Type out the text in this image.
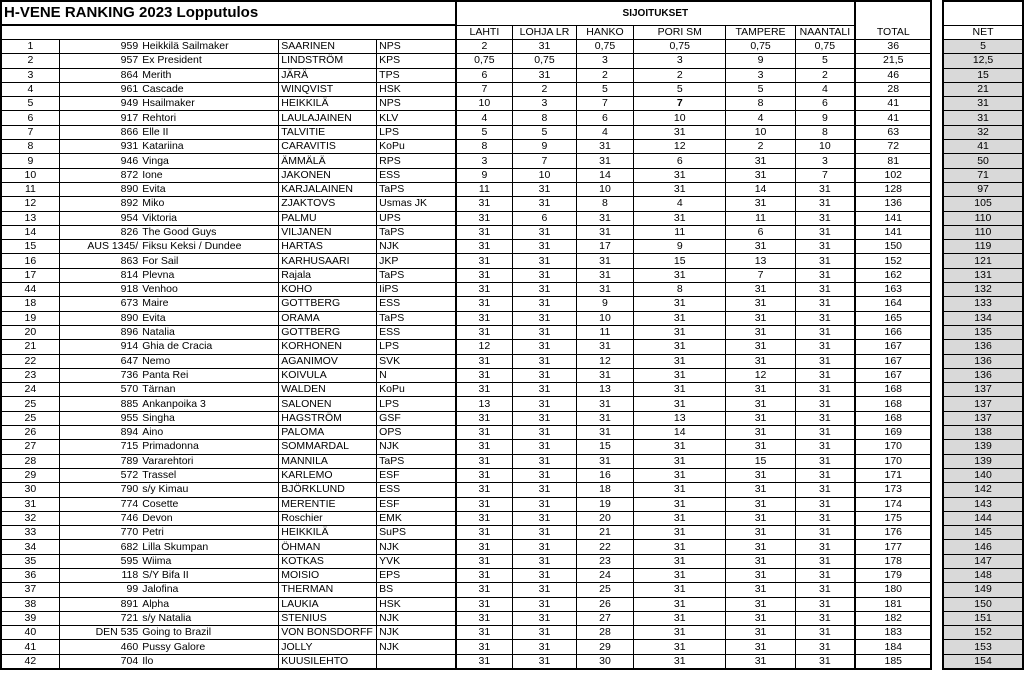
H-VENE RANKING 2023 Lopputulos					SIJOITUKSET								
					LAHTI	LOHJA LR	HANKO	PORI SM	TAMPERE	NAANTALI	TOTAL		NET
1	959	Heikkilä Sailmaker	SAARINEN	NPS	2	31	0,75	0,75	0,75	0,75	36		5
2	957	Ex President	LINDSTRÖM	KPS	0,75	0,75	3	3	9	5	21,5		12,5
3	864	Merith	JÄRÄ	TPS	6	31	2	2	3	2	46		15
4	961	Cascade	WINQVIST	HSK	7	2	5	5	5	4	28		21
5	949	Hsailmaker	HEIKKILÄ	NPS	10	3	7	7	8	6	41		31
6	917	Rehtori	LAULAJAINEN	KLV	4	8	6	10	4	9	41		31
7	866	Elle II	TALVITIE	LPS	5	5	4	31	10	8	63		32
8	931	Katariina	CARAVITIS	KoPu	8	9	31	12	2	10	72		41
9	946	Vinga	ÄMMÄLÄ	RPS	3	7	31	6	31	3	81		50
10	872	Ione	JAKONEN	ESS	9	10	14	31	31	7	102		71
11	890	Evita	KARJALAINEN	TaPS	11	31	10	31	14	31	128		97
12	892	Miko	ZJAKTOVS	Usmas JK	31	31	8	4	31	31	136		105
13	954	Viktoria	PALMU	UPS	31	6	31	31	11	31	141		110
14	826	The Good Guys	VILJANEN	TaPS	31	31	31	11	6	31	141		110
15	AUS 1345/	Fiksu Keksi / Dundee	HARTAS	NJK	31	31	17	9	31	31	150		119
16	863	For Sail	KARHUSAARI	JKP	31	31	31	15	13	31	152		121
17	814	Plevna	Rajala	TaPS	31	31	31	31	7	31	162		131
44	918	Venhoo	KOHO	IiPS	31	31	31	8	31	31	163		132
18	673	Maire	GOTTBERG	ESS	31	31	9	31	31	31	164		133
19	890	Evita	ORAMA	TaPS	31	31	10	31	31	31	165		134
20	896	Natalia	GOTTBERG	ESS	31	31	11	31	31	31	166		135
21	914	Ghia de Cracia	KORHONEN	LPS	12	31	31	31	31	31	167		136
22	647	Nemo	AGANIMOV	SVK	31	31	12	31	31	31	167		136
23	736	Panta Rei	KOIVULA	N	31	31	31	31	12	31	167		136
24	570	Tärnan	WALDEN	KoPu	31	31	13	31	31	31	168		137
25	885	Ankanpoika 3	SALONEN	LPS	13	31	31	31	31	31	168		137
25	955	Singha	HAGSTRÖM	GSF	31	31	31	13	31	31	168		137
26	894	Aino	PALOMA	OPS	31	31	31	14	31	31	169		138
27	715	Primadonna	SOMMARDAL	NJK	31	31	15	31	31	31	170		139
28	789	Vararehtori	MANNILA	TaPS	31	31	31	31	15	31	170		139
29	572	Trassel	KARLEMO	ESF	31	31	16	31	31	31	171		140
30	790	s/y Kimau	BJÖRKLUND	ESS	31	31	18	31	31	31	173		142
31	774	Cosette	MERENTIE	ESF	31	31	19	31	31	31	174		143
32	746	Devon	Roschier	EMK	31	31	20	31	31	31	175		144
33	770	Petri	HEIKKILÄ	SuPS	31	31	21	31	31	31	176		145
34	682	Lilla Skumpan	ÖHMAN	NJK	31	31	22	31	31	31	177		146
35	595	Wiima	KOTKAS	YVK	31	31	23	31	31	31	178		147
36	118	S/Y Bifa II	MOISIO	EPS	31	31	24	31	31	31	179		148
37	99	Jalofina	THERMAN	BS	31	31	25	31	31	31	180		149
38	891	Alpha	LAUKIA	HSK	31	31	26	31	31	31	181		150
39	721	s/y Natalia	STENIUS	NJK	31	31	27	31	31	31	182		151
40	DEN 535	Going to Brazil	VON BONSDORFF	NJK	31	31	28	31	31	31	183		152
41	460	Pussy Galore	JOLLY	NJK	31	31	29	31	31	31	184		153
42	704	Ilo	KUUSILEHTO		31	31	30	31	31	31	185		154
